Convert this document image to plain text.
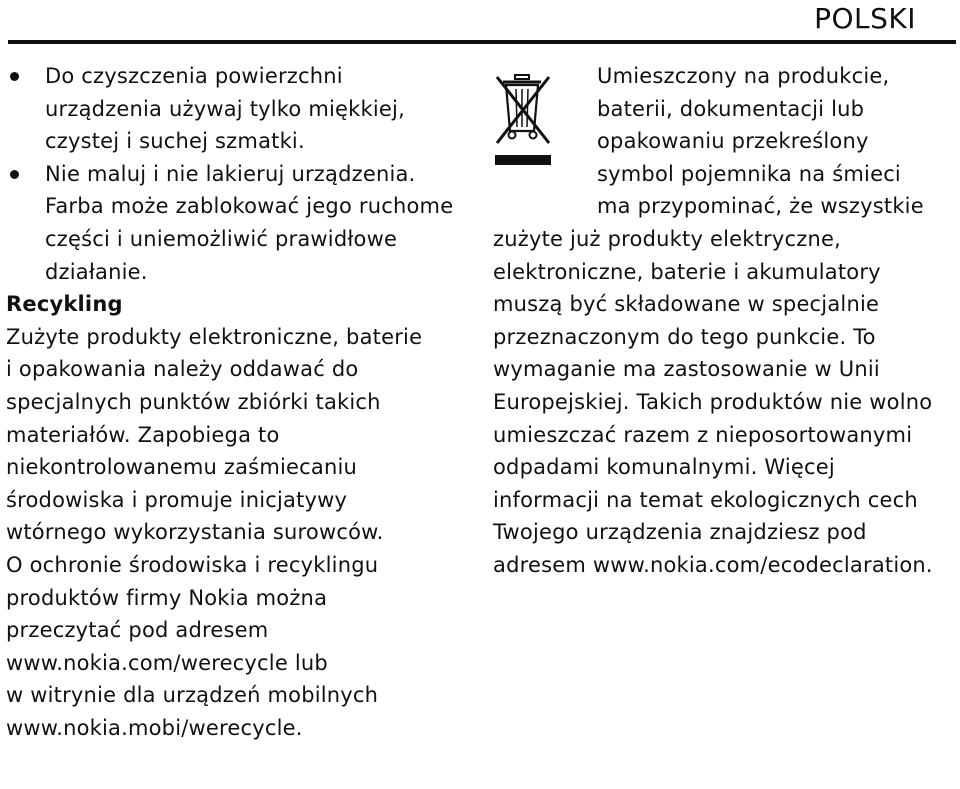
POLSKI

Do czyszczenia powierzchni

urządzenia używaj tylko miękkiej,

czystej i suchej szmatki.

Nie maluj i nie lakieruj urządzenia.

Farba może zablokować jego ruchome

części i uniemożliwić prawidłowe

działanie.

Recykling

Zużyte produkty elektroniczne, baterie

i opakowania należy oddawać do

specjalnych punktów zbiórki takich

materiałów. Zapobiega to

niekontrolowanemu zaśmiecaniu

środowiska i promuje inicjatywy

wtórnego wykorzystania surowców.

O ochronie środowiska i recyklingu

produktów firmy Nokia można

przeczytać pod adresem

www.nokia.com/werecycle lub

w witrynie dla urządzeń mobilnych

www.nokia.mobi/werecycle.

Umieszczony na produkcie,

baterii, dokumentacji lub

opakowaniu przekreślony

symbol pojemnika na śmieci

ma przypominać, że wszystkie

zużyte już produkty elektryczne,

elektroniczne, baterie i akumulatory

muszą być składowane w specjalnie

przeznaczonym do tego punkcie. To

wymaganie ma zastosowanie w Unii

Europejskiej. Takich produktów nie wolno

umieszczać razem z nieposortowanymi

odpadami komunalnymi. Więcej

informacji na temat ekologicznych cech

Twojego urządzenia znajdziesz pod

adresem www.nokia.com/ecodeclaration.
